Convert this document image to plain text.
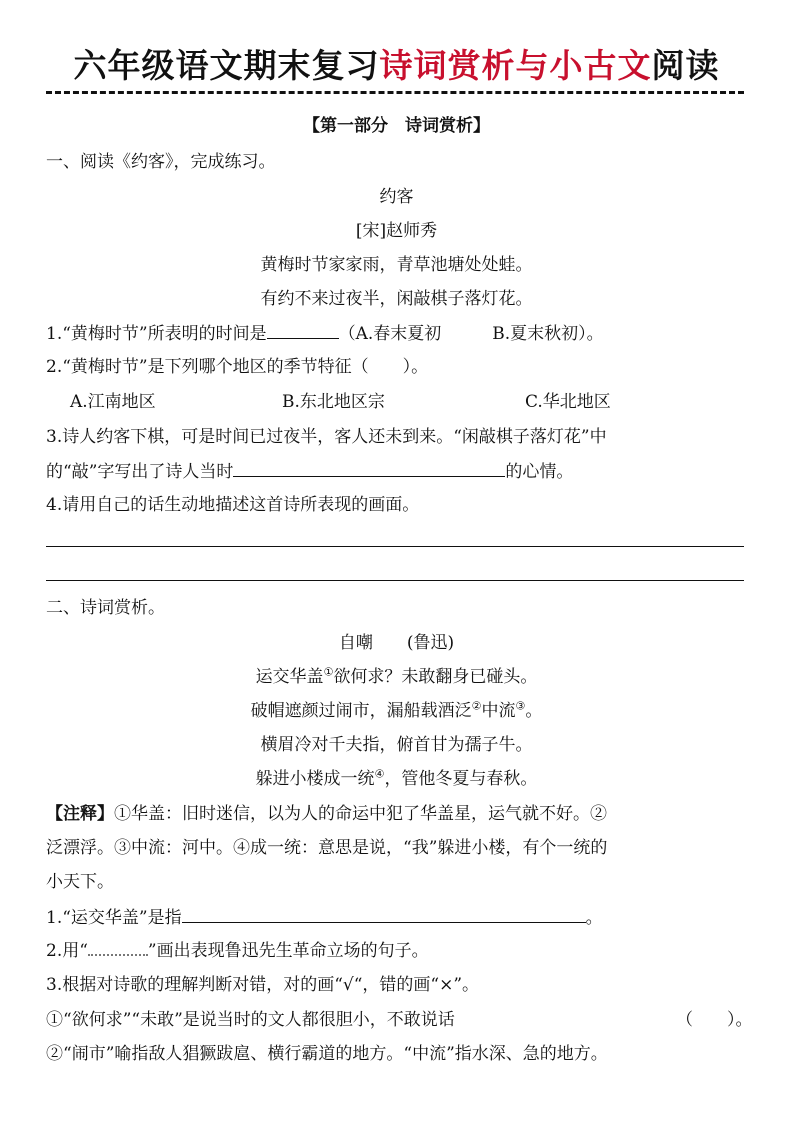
六年级语文期末复习诗词赏析与小古文阅读
【第一部分　诗词赏析】
一、阅读《约客》，完成练习。
约客
[宋]赵师秀
黄梅时节家家雨，青草池塘处处蛙。
有约不来过夜半，闲敲棋子落灯花。
1.“黄梅时节”所表明的时间是	（A.春末夏初　　　B.夏末秋初）。
2.“黄梅时节”是下列哪个地区的季节特征（　　）。
A.江南地区	B.东北地区宗	C.华北地区
3.诗人约客下棋，可是时间已过夜半，客人还未到来。“闲敲棋子落灯花”中
的“敲”字写出了诗人当时	的心情。
4.请用自己的话生动地描述这首诗所表现的画面。
二、诗词赏析。
自嘲　　(鲁迅)
运交华盖①欲何求？未敢翻身已碰头。
破帽遮颜过闹市，漏船载酒泛②中流③。
横眉冷对千夫指，俯首甘为孺子牛。
躲进小楼成一统④，管他冬夏与春秋。
【注释】①华盖：旧时迷信，以为人的命运中犯了华盖星，运气就不好。②
泛漂浮。③中流：河中。④成一统：意思是说，“我”躲进小楼，有个一统的
小天下。
1.“运交华盖”是指	。
2.用“	”画出表现鲁迅先生革命立场的句子。
3.根据对诗歌的理解判断对错，对的画“√“，错的画“×”。
①“欲何求”“未敢”是说当时的文人都很胆小，不敢说话	（　　）。
②“闹市”喻指敌人猖獗跋扈、横行霸道的地方。“中流”指水深、急的地方。
